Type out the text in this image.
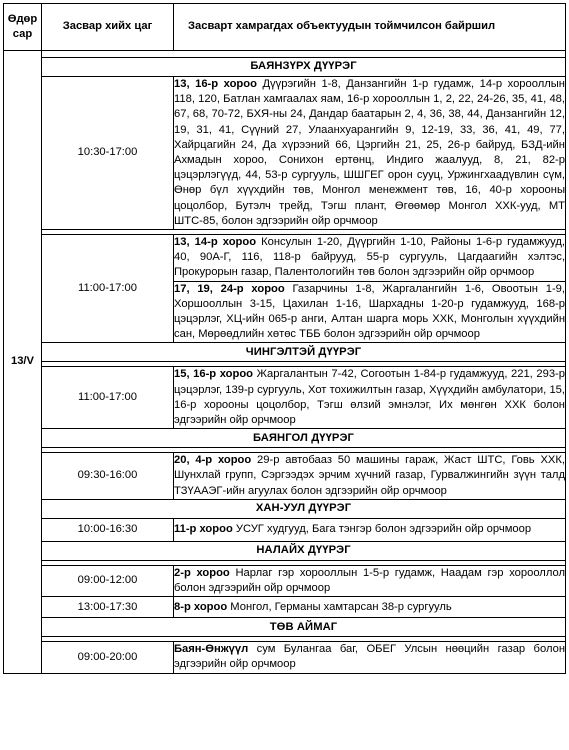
Өдөр сар	Засвар хийх цаг	Засварт хамрагдах объектуудын тоймчилсон байршил
13/V		
	БАЯНЗҮРХ ДҮҮРЭГ	
	10:30-17:00	13, 16-р хороо Дүүрэгийн 1-8, Данзангийн 1-р гудамж, 14-р хорооллын 118, 120, Батлан хамгаалах яам, 16-р хорооллын 1, 2, 22, 24-26, 35, 41, 48, 67, 68, 70-72, БХЯ-ны 24, Дандар баатарын 2, 4, 36, 38, 44, Данзангийн 12, 19, 31, 41, Сүүний 27, Улаанхуарангийн 9, 12-19, 33, 36, 41, 49, 77, Хайрцагийн 24, Да хүрээний 66, Цэргийн 21, 25, 26-р байруд, БЗД-ийн Ахмадын хороо, Сонихон ертөнц, Индиго жаалууд, 8, 21, 82-р цэцэрлэгүүд, 44, 53-р сургууль, ШШГЕГ орон сууц, Уржингхаадүвлин сүм, Өнөр бүл хүүхдийн төв, Монгол менежмент төв, 16, 40-р хорооны цоцолбор, Бутэлч трейд, Тэгш плант, Өгөөмөр Монгол ХХК-ууд, МТ ШТС-85, болон эдгээрийн ойр орчмоор

	11:00-17:00	13, 14-р хороо Консулын 1-20, Дүүргийн 1-10, Районы 1-6-р гудамжууд, 40, 90А-Г, 116, 118-р байрууд, 55-р сургууль, Цагдаагийн хэлтэс, Прокурорын газар, Палентологийн төв болон эдгээрийн ойр орчмоор
		17, 19, 24-р хороо Газарчины 1-8, Жаргалангийн 1-6, Овоотын 1-9, Хоршооллын 3-15, Цахилан 1-16, Шархадны 1-20-р гудамжууд, 168-р цэцэрлэг, ХЦ-ийн 065-р анги, Алтан шарга морь ХХК, Монголын хүүхдийн сан, Мөрөөдлийн хөтөс ТББ болон эдгээрийн ойр орчмоор
	ЧИНГЭЛТЭЙ ДҮҮРЭГ	

	11:00-17:00	15, 16-р хороо Жаргалантын 7-42, Согоотын 1-84-р гудамжууд, 221, 293-р цэцэрлэг, 139-р сургууль, Хот тохижилтын газар, Хүүхдийн амбулатори, 15, 16-р хорооны цоцолбор, Тэгш өлзий эмнэлэг, Их мөнгөн ХХК болон эдгээрийн ойр орчмоор
	БАЯНГОЛ ДҮҮРЭГ	

	09:30-16:00	20, 4-р хороо 29-р автобааз 50 машины гараж, Жаст ШТС, Говь ХХК, Шунхлай групп, Сэргээдэх эрчим хүчний газар, Гурвалжингийн зүүн талд ТЗҮААЭГ-ийн агуулах болон эдгээрийн ойр орчмоор
	ХАН-УУЛ ДҮҮРЭГ	
	10:00-16:30	11-р хороо УСУГ худгууд, Бага тэнгэр болон эдгээрийн ойр орчмоор
	НАЛАЙХ ДҮҮРЭГ	

	09:00-12:00	2-р хороо Нарлаг гэр хорооллын 1-5-р гудамж, Наадам гэр хорооллол болон эдгээрийн ойр орчмоор
	13:00-17:30	8-р хороо Монгол, Германы хамтарсан 38-р сургууль
	ТӨВ АЙМАГ	

	09:00-20:00	Баян-Өнжүүл сум Булангаа баг, ОБЕГ Улсын нөөцийн газар болон эдгээрийн ойр орчмоор
